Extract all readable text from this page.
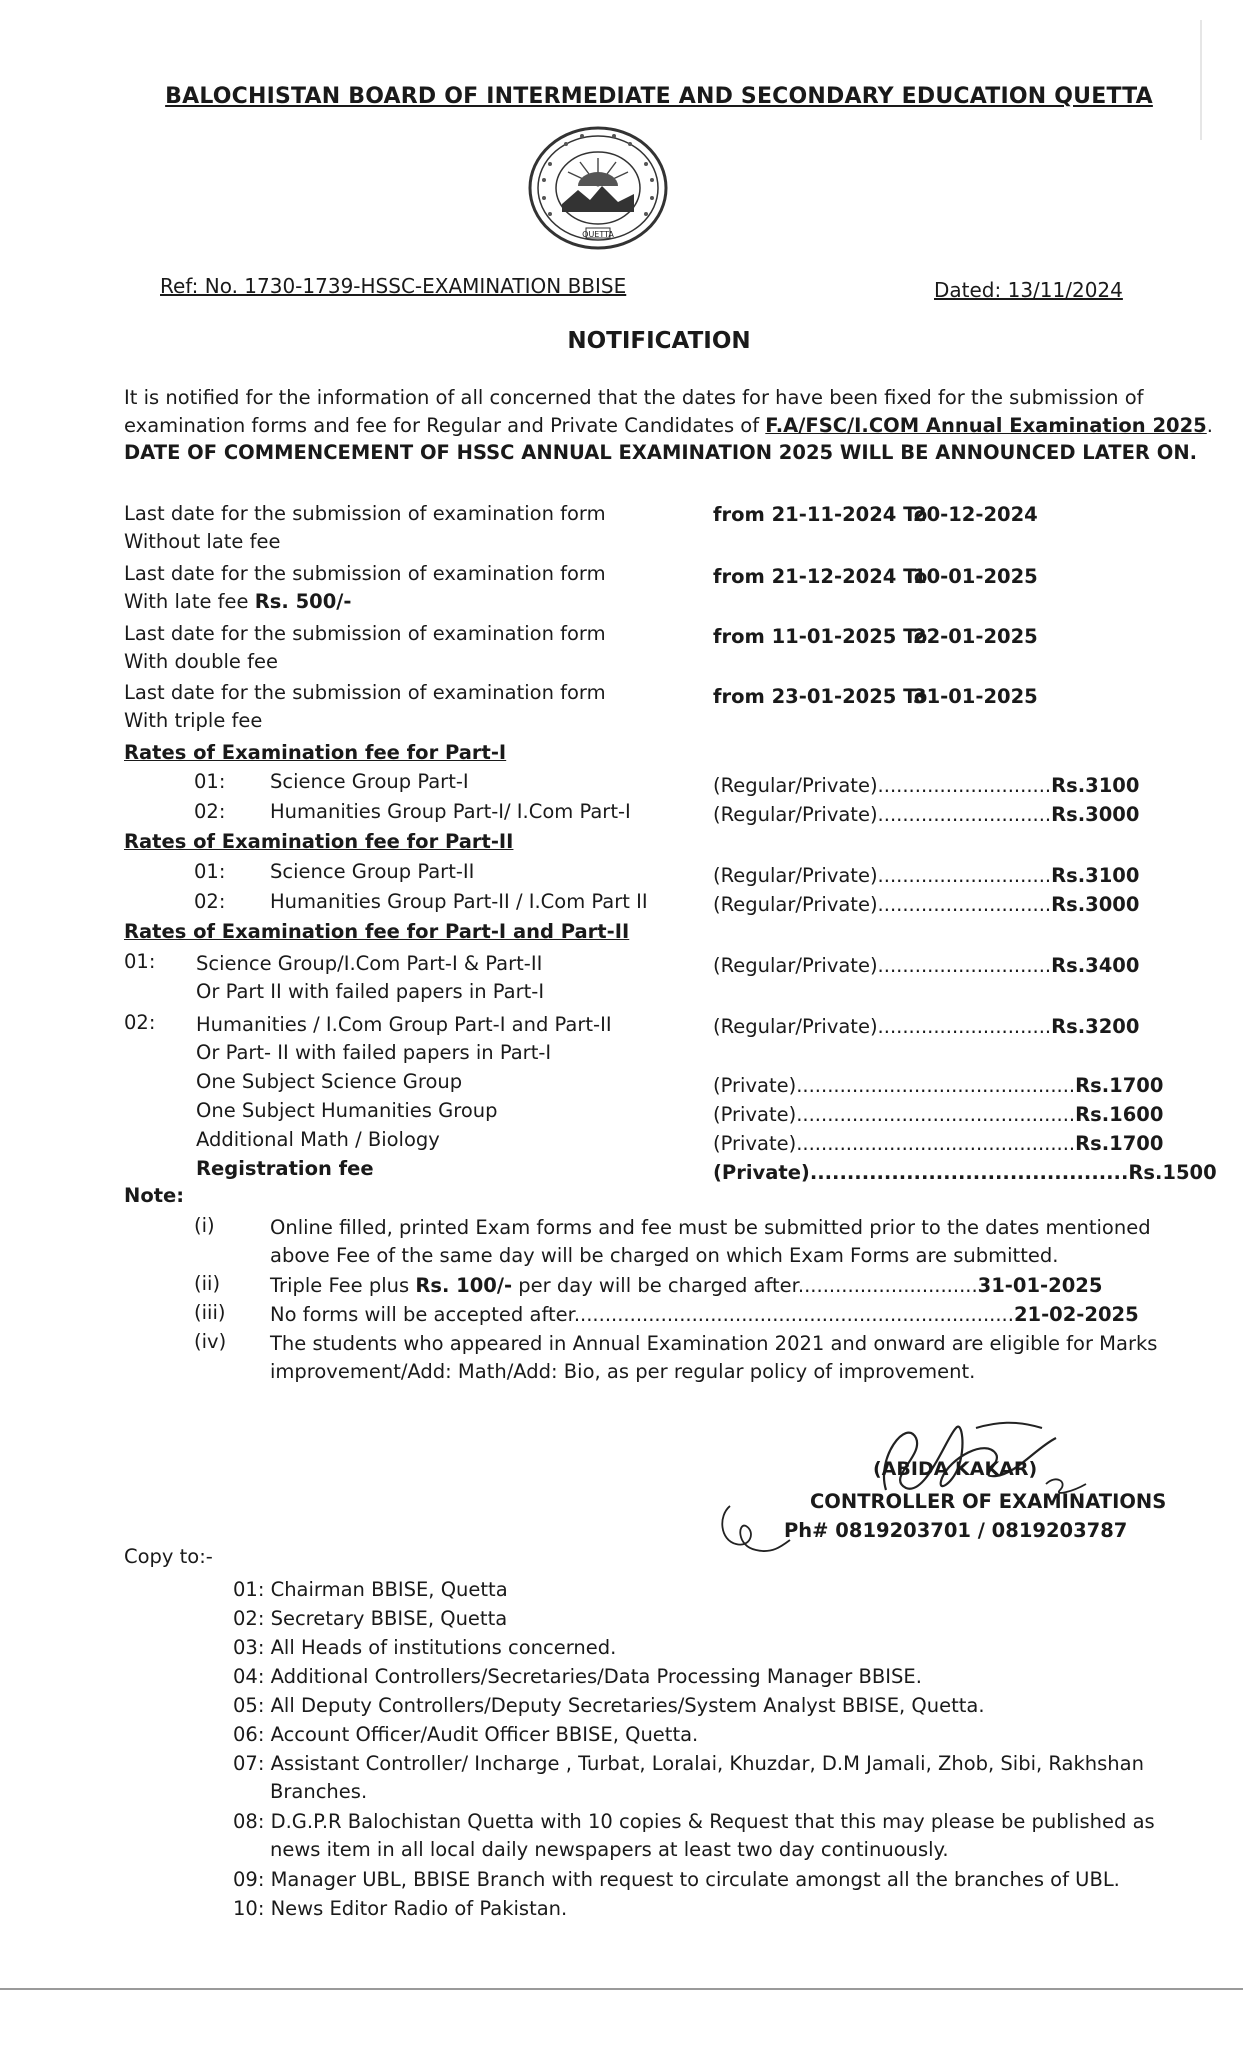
BALOCHISTAN BOARD OF INTERMEDIATE AND SECONDARY EDUCATION QUETTA
QUETTA
Ref: No. 1730-1739-HSSC-EXAMINATION BBISE	Dated: 13/11/2024
NOTIFICATION
It is notified for the information of all concerned that the dates for have been fixed for the submission of
examination forms and fee for Regular and Private Candidates of F.A/FSC/I.COM Annual Examination 2025.
DATE OF COMMENCEMENT OF HSSC ANNUAL EXAMINATION 2025 WILL BE ANNOUNCED LATER ON.
Last date for the submission of examination form
Without late fee
from 21-11-2024 To20-12-2024
Last date for the submission of examination form
With late fee Rs. 500/-
from 21-12-2024 To10-01-2025
Last date for the submission of examination form
With double fee
from 11-01-2025 To22-01-2025
Last date for the submission of examination form
With triple fee
from 23-01-2025 To31-01-2025
Rates of Examination fee for Part-I
01: Science Group Part-I	(Regular/Private)............................Rs.3100
02: Humanities Group Part-I/ I.Com Part-I	(Regular/Private)............................Rs.3000
Rates of Examination fee for Part-II
01: Science Group Part-II	(Regular/Private)............................Rs.3100
02: Humanities Group Part-II / I.Com Part II	(Regular/Private)............................Rs.3000
Rates of Examination fee for Part-I and Part-II
01: Science Group/I.Com Part-I & Part-II
Or Part II with failed papers in Part-I
(Regular/Private)............................Rs.3400
02: Humanities / I.Com Group Part-I and Part-II
Or Part- II with failed papers in Part-I
(Regular/Private)............................Rs.3200
One Subject Science Group	(Private).............................................Rs.1700
One Subject Humanities Group	(Private).............................................Rs.1600
Additional Math / Biology	(Private).............................................Rs.1700
Registration fee	(Private)...........................................Rs.1500
Note:
(i)	Online filled, printed Exam forms and fee must be submitted prior to the dates mentioned
above Fee of the same day will be charged on which Exam Forms are submitted.
(ii)	Triple Fee plus Rs. 100/- per day will be charged after.............................31-01-2025
(iii) No forms will be accepted after.......................................................................21-02-2025
(iv) The students who appeared in Annual Examination 2021 and onward are eligible for Marks
improvement/Add: Math/Add: Bio, as per regular policy of improvement.
(ABIDA KAKAR)
CONTROLLER OF EXAMINATIONS
Ph# 0819203701 / 0819203787
Copy to:-
01: Chairman BBISE, Quetta
02: Secretary BBISE, Quetta
03: All Heads of institutions concerned.
04: Additional Controllers/Secretaries/Data Processing Manager BBISE.
05: All Deputy Controllers/Deputy Secretaries/System Analyst BBISE, Quetta.
06: Account Officer/Audit Officer BBISE, Quetta.
07: Assistant Controller/ Incharge , Turbat, Loralai, Khuzdar, D.M Jamali, Zhob, Sibi, Rakhshan
Branches.
08: D.G.P.R Balochistan Quetta with 10 copies & Request that this may please be published as
news item in all local daily newspapers at least two day continuously.
09: Manager UBL, BBISE Branch with request to circulate amongst all the branches of UBL.
10: News Editor Radio of Pakistan.
